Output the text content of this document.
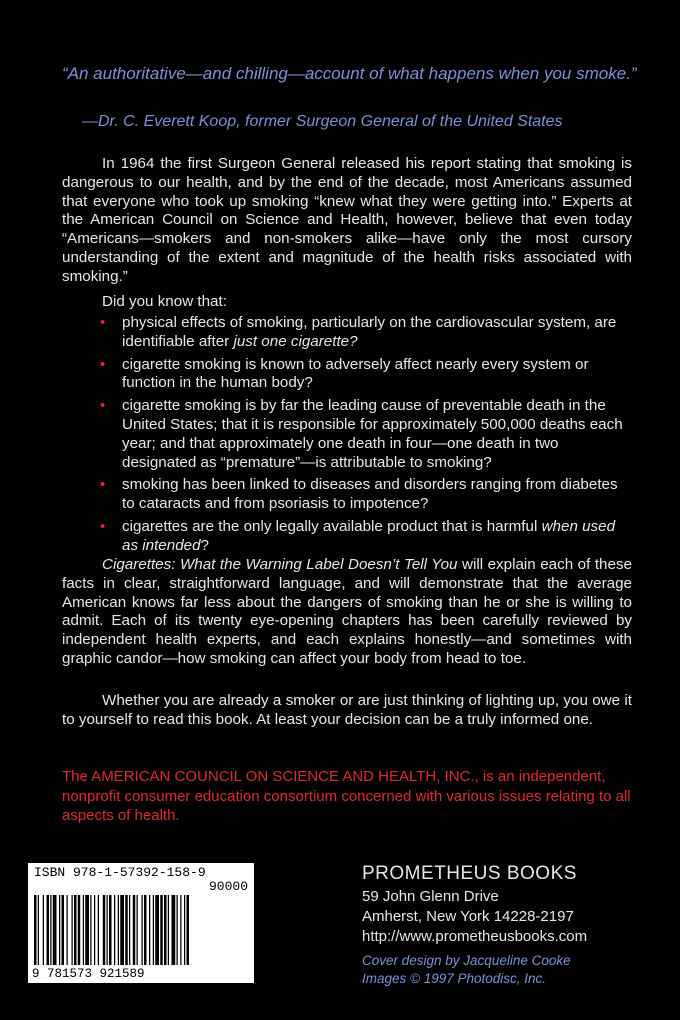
“An authoritative—and chilling—account of what happens when you smoke.”
—Dr. C. Everett Koop, former Surgeon General of the United States
In 1964 the first Surgeon General released his report stating that smoking is dangerous to our health, and by the end of the decade, most Americans assumed that everyone who took up smoking “knew what they were getting into.” Experts at the American Council on Science and Health, however, believe that even today “Americans—smokers and non-smokers alike—have only the most cursory understanding of the extent and magnitude of the health risks associated with smoking.”
Did you know that:
• physical effects of smoking, particularly on the cardiovascular system, are identifiable after just one cigarette?
• cigarette smoking is known to adversely affect nearly every system or function in the human body?
• cigarette smoking is by far the leading cause of preventable death in the United States; that it is responsible for approximately 500,000 deaths each year; and that approximately one death in four—one death in two designated as “premature”—is attributable to smoking?
• smoking has been linked to diseases and disorders ranging from diabetes to cataracts and from psoriasis to impotence?
• cigarettes are the only legally available product that is harmful when used as intended?
Cigarettes: What the Warning Label Doesn’t Tell You will explain each of these facts in clear, straightforward language, and will demonstrate that the average American knows far less about the dangers of smoking than he or she is willing to admit. Each of its twenty eye-opening chapters has been carefully reviewed by independent health experts, and each explains honestly—and sometimes with graphic candor—how smoking can affect your body from head to toe.
Whether you are already a smoker or are just thinking of lighting up, you owe it to yourself to read this book. At least your decision can be a truly informed one.
The AMERICAN COUNCIL ON SCIENCE AND HEALTH, INC., is an independent, nonprofit consumer education consortium concerned with various issues relating to all aspects of health.
ISBN 978-1-57392-158-9
90000
9 781573 921589
PROMETHEUS BOOKS
59 John Glenn Drive
Amherst, New York 14228-2197
http://www.prometheusbooks.com
Cover design by Jacqueline Cooke
Images © 1997 Photodisc, Inc.
